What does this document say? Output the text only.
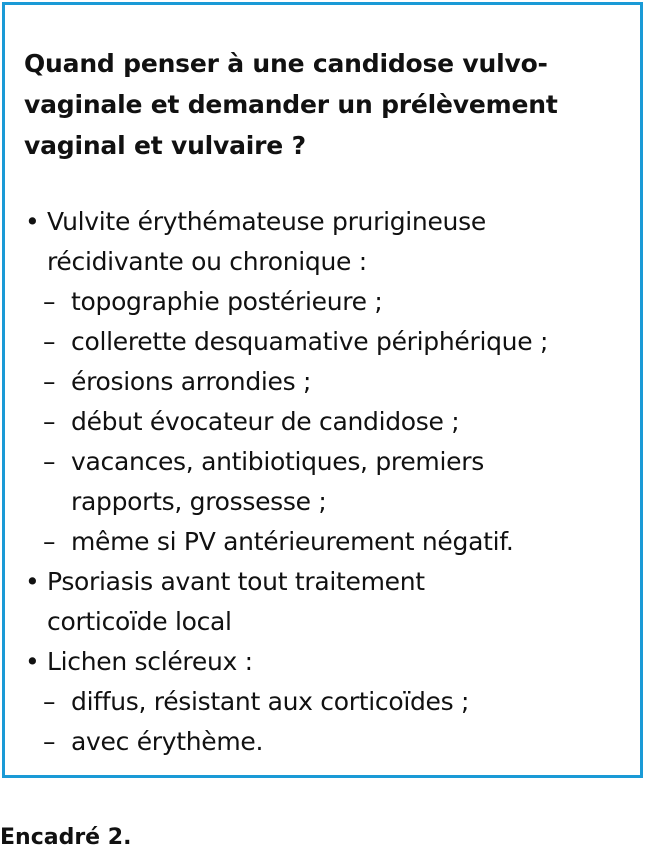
Quand penser à une candidose vulvo-
vaginale et demander un prélèvement
vaginal et vulvaire ?
• Vulvite érythémateuse prurigineuse
récidivante ou chronique :
– topographie postérieure ;
– collerette desquamative périphérique ;
– érosions arrondies ;
– début évocateur de candidose ;
– vacances, antibiotiques, premiers
rapports, grossesse ;
– même si PV antérieurement négatif.
• Psoriasis avant tout traitement
corticoïde local
• Lichen scléreux :
– diffus, résistant aux corticoïdes ;
– avec érythème.
Encadré 2.
